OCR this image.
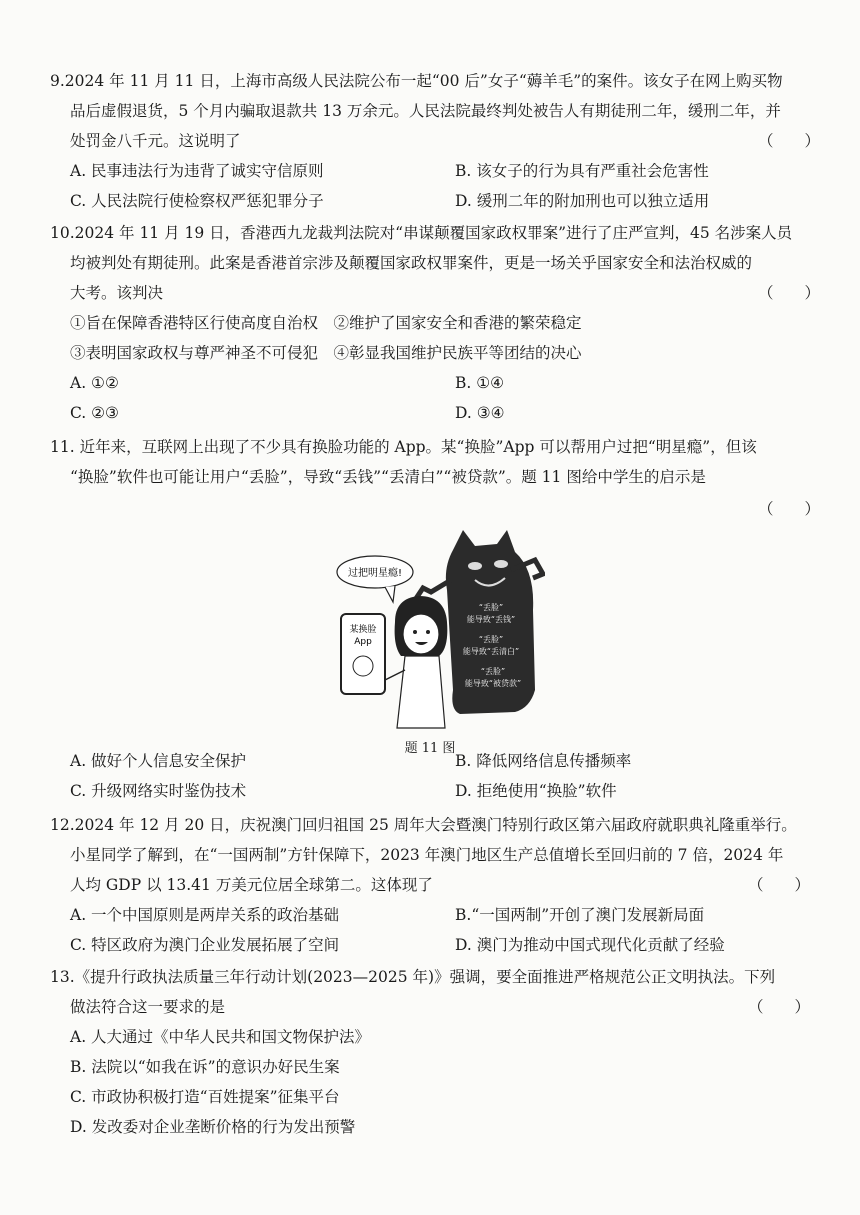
9.2024 年 11 月 11 日，上海市高级人民法院公布一起“00 后”女子“薅羊毛”的案件。该女子在网上购买物
品后虚假退货，5 个月内骗取退款共 13 万余元。人民法院最终判处被告人有期徒刑二年，缓刑二年，并
处罚金八千元。这说明了	（　　）
A. 民事违法行为违背了诚实守信原则	B. 该女子的行为具有严重社会危害性
C. 人民法院行使检察权严惩犯罪分子	D. 缓刑二年的附加刑也可以独立适用
10.2024 年 11 月 19 日，香港西九龙裁判法院对“串谋颠覆国家政权罪案”进行了庄严宣判，45 名涉案人员
均被判处有期徒刑。此案是香港首宗涉及颠覆国家政权罪案件，更是一场关乎国家安全和法治权威的
大考。该判决	（　　）
①旨在保障香港特区行使高度自治权　②维护了国家安全和香港的繁荣稳定
③表明国家政权与尊严神圣不可侵犯　④彰显我国维护民族平等团结的决心
A. ①②	B. ①④
C. ②③	D. ③④
11. 近年来，互联网上出现了不少具有换脸功能的 App。某“换脸”App 可以帮用户过把“明星瘾”，但该
“换脸”软件也可能让用户“丢脸”，导致“丢钱”“丢清白”“被贷款”。题 11 图给中学生的启示是
（　　）
“丢脸”
能导致“丢钱”
“丢脸”
能导致“丢清白”
“丢脸”
能导致“被贷款”
过把明星瘾!
某换脸
App
题 11 图
A. 做好个人信息安全保护	B. 降低网络信息传播频率
C. 升级网络实时鉴伪技术	D. 拒绝使用“换脸”软件
12.2024 年 12 月 20 日，庆祝澳门回归祖国 25 周年大会暨澳门特别行政区第六届政府就职典礼隆重举行。
小星同学了解到，在“一国两制”方针保障下，2023 年澳门地区生产总值增长至回归前的 7 倍，2024 年
人均 GDP 以 13.41 万美元位居全球第二。这体现了	（　　）
A. 一个中国原则是两岸关系的政治基础	B.“一国两制”开创了澳门发展新局面
C. 特区政府为澳门企业发展拓展了空间	D. 澳门为推动中国式现代化贡献了经验
13.《提升行政执法质量三年行动计划(2023—2025 年)》强调，要全面推进严格规范公正文明执法。下列
做法符合这一要求的是	（　　）
A. 人大通过《中华人民共和国文物保护法》
B. 法院以“如我在诉”的意识办好民生案
C. 市政协积极打造“百姓提案”征集平台
D. 发改委对企业垄断价格的行为发出预警
